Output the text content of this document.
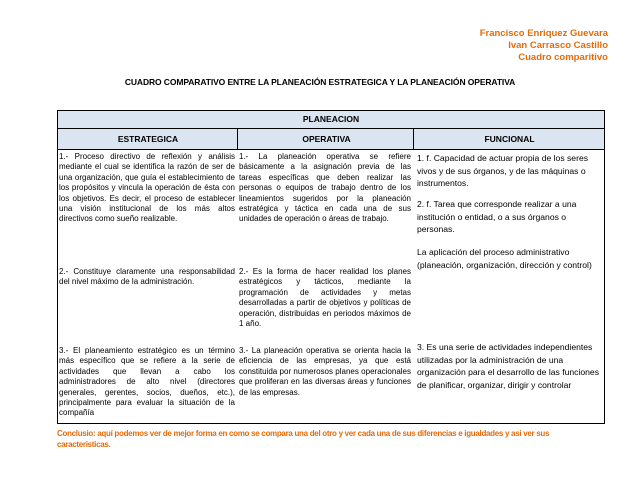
Francisco Enriquez Guevara
Ivan Carrasco Castillo
Cuadro comparitivo
CUADRO COMPARATIVO ENTRE LA PLANEACIÓN ESTRATEGICA Y LA PLANEACIÓN OPERATIVA
PLANEACION
ESTRATEGICA	OPERATIVA	FUNCIONAL

1.- Proceso directivo de reflexión y análisis mediante el cual se identifica la razón de ser de una organización, que guía el establecimiento de los propósitos y vincula la operación de ésta con los objetivos. Es decir, el proceso de establecer una visión institucional de los más altos directivos como sueño realizable.

2.- Constituye claramente una responsabilidad del nivel máximo de la administración.

3.- El planeamiento estratégico es un término más específico que se refiere a la serie de actividades que llevan a cabo los administradores de alto nivel (directores generales, gerentes, socios, dueños, etc.), principalmente para evaluar la situación de la compañía

1.- La planeación operativa se refiere básicamente a la asignación previa de las tareas específicas que deben realizar las personas o equipos de trabajo dentro de los lineamientos sugeridos por la planeación estratégica y táctica en cada una de sus unidades de operación o áreas de trabajo.

2.- Es la forma de hacer realidad los planes estratégicos y tácticos, mediante la programación de actividades y metas desarrolladas a partir de objetivos y políticas de operación, distribuidas en periodos máximos de 1 año.

3.- La planeación operativa se orienta hacia la eficiencia de las empresas, ya que está constituida por numerosos planes operacionales que proliferan en las diversas áreas y funciones de las empresas.

1. f. Capacidad de actuar propia de los seres vivos y de sus órganos, y de las máquinas o instrumentos.

2. f. Tarea que corresponde realizar a una institución o entidad, o a sus órganos o personas.

La aplicación del proceso administrativo (planeación, organización, dirección y control)

3. Es una serie de actividades independientes utilizadas por la administración de una organización para el desarrollo de las funciones de planificar, organizar, dirigir y controlar

Conclusio: aquí podemos ver de mejor forma en como se compara una del otro y ver cada una de sus diferencias e igualdades y asi ver sus caracteristicas.
